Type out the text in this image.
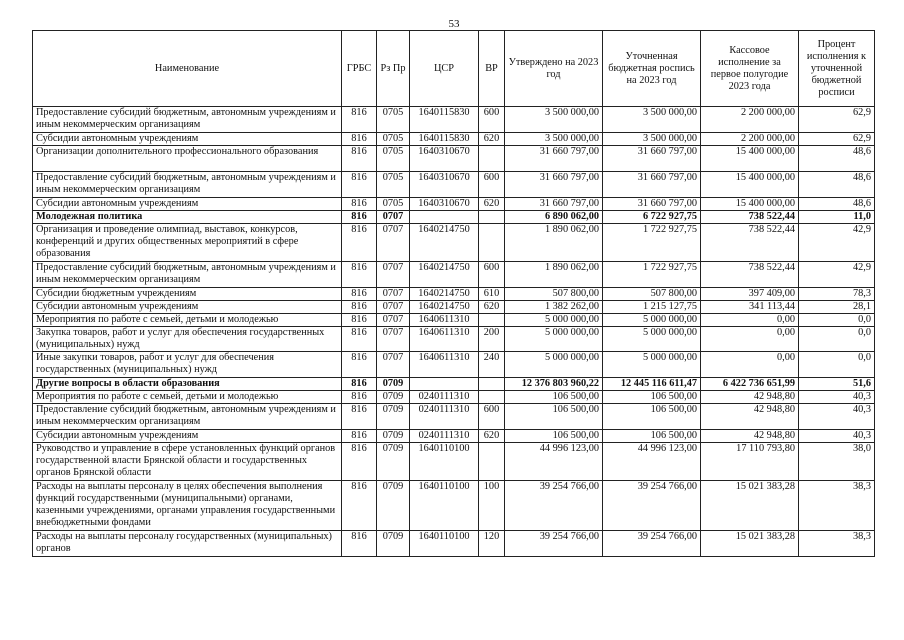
53
Наименование	ГРБС	Рз Пр	ЦСР	ВР	Утверждено на 2023 год	Уточненная бюджетная роспись на 2023 год	Кассовое исполнение за первое полугодие 2023 года	Процент исполнения к уточненной бюджетной росписи
Предоставление субсидий бюджетным, автономным учреждениям и иным некоммерческим организациям	816	0705	1640115830	600	3 500 000,00	3 500 000,00	2 200 000,00	62,9
Субсидии автономным учреждениям	816	0705	1640115830	620	3 500 000,00	3 500 000,00	2 200 000,00	62,9
Организации дополнительного профессионального образования	816	0705	1640310670		31 660 797,00	31 660 797,00	15 400 000,00	48,6
Предоставление субсидий бюджетным, автономным учреждениям и иным некоммерческим организациям	816	0705	1640310670	600	31 660 797,00	31 660 797,00	15 400 000,00	48,6
Субсидии автономным учреждениям	816	0705	1640310670	620	31 660 797,00	31 660 797,00	15 400 000,00	48,6
Молодежная политика	816	0707			6 890 062,00	6 722 927,75	738 522,44	11,0
Организация и проведение олимпиад, выставок, конкурсов, конференций и других общественных мероприятий в сфере образования	816	0707	1640214750		1 890 062,00	1 722 927,75	738 522,44	42,9
Предоставление субсидий бюджетным, автономным учреждениям и иным некоммерческим организациям	816	0707	1640214750	600	1 890 062,00	1 722 927,75	738 522,44	42,9
Субсидии бюджетным учреждениям	816	0707	1640214750	610	507 800,00	507 800,00	397 409,00	78,3
Субсидии автономным учреждениям	816	0707	1640214750	620	1 382 262,00	1 215 127,75	341 113,44	28,1
Мероприятия по работе с семьей, детьми и молодежью	816	0707	1640611310		5 000 000,00	5 000 000,00	0,00	0,0
Закупка товаров, работ и услуг для обеспечения государственных (муниципальных) нужд	816	0707	1640611310	200	5 000 000,00	5 000 000,00	0,00	0,0
Иные закупки товаров, работ и услуг для обеспечения государственных (муниципальных) нужд	816	0707	1640611310	240	5 000 000,00	5 000 000,00	0,00	0,0
Другие вопросы в области образования	816	0709			12 376 803 960,22	12 445 116 611,47	6 422 736 651,99	51,6
Мероприятия по работе с семьей, детьми и молодежью	816	0709	0240111310		106 500,00	106 500,00	42 948,80	40,3
Предоставление субсидий бюджетным, автономным учреждениям и иным некоммерческим организациям	816	0709	0240111310	600	106 500,00	106 500,00	42 948,80	40,3
Субсидии автономным учреждениям	816	0709	0240111310	620	106 500,00	106 500,00	42 948,80	40,3
Руководство и управление в сфере установленных функций органов государственной власти Брянской области и государственных органов Брянской области	816	0709	1640110100		44 996 123,00	44 996 123,00	17 110 793,80	38,0
Расходы на выплаты персоналу в целях обеспечения выполнения функций государственными (муниципальными) органами, казенными учреждениями, органами управления государственными внебюджетными фондами	816	0709	1640110100	100	39 254 766,00	39 254 766,00	15 021 383,28	38,3
Расходы на выплаты персоналу государственных (муниципальных) органов	816	0709	1640110100	120	39 254 766,00	39 254 766,00	15 021 383,28	38,3
